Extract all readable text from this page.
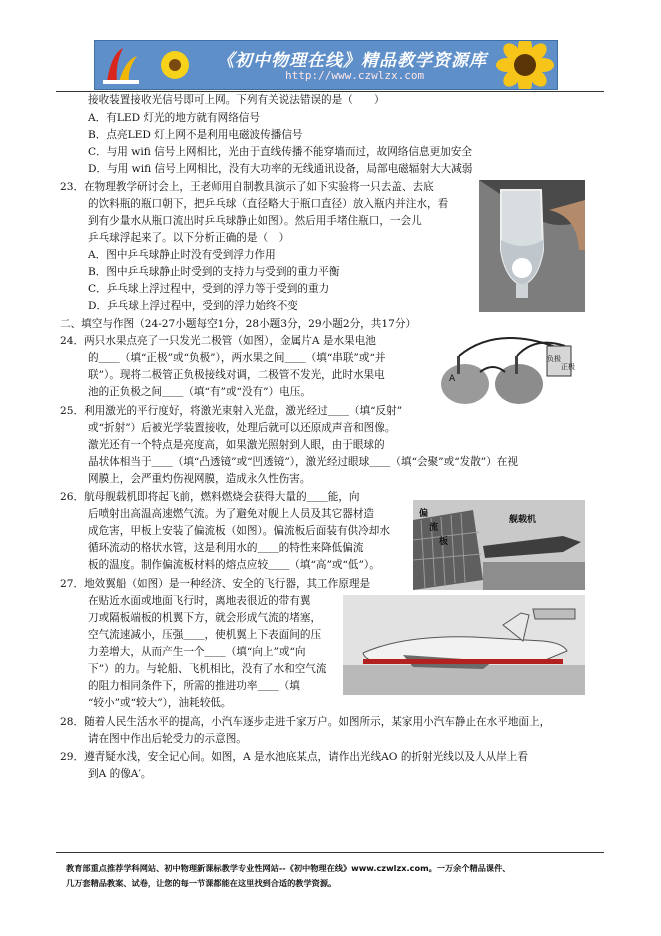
《初中物理在线》精品教学资源库
http://www.czwlzx.com
接收装置接收光信号即可上网。下列有关说法错误的是（　　）
A．有LED 灯光的地方就有网络信号
B．点亮LED 灯上网不是利用电磁波传播信号
C．与用 wifi 信号上网相比，光由于直线传播不能穿墙而过，故网络信息更加安全
D．与用 wifi 信号上网相比，没有大功率的无线通讯设备，局部电磁辐射大大减弱
23．在物理教学研讨会上，王老师用自制教具演示了如下实验将一只去盖、去底
的饮料瓶的瓶口朝下，把乒乓球（直径略大于瓶口直径）放入瓶内并注水，看
到有少量水从瓶口流出时乒乓球静止如图）。然后用手堵住瓶口，一会儿
乒乓球浮起来了。以下分析正确的是（　）
A．图中乒乓球静止时没有受到浮力作用
B．图中乒乓球静止时受到的支持力与受到的重力平衡
C．乒乓球上浮过程中，受到的浮力等于受到的重力
D．乒乓球上浮过程中，受到的浮力始终不变
二、填空与作图（24-27小题每空1分，28小题3分，29小题2分，共17分）
24．两只水果点亮了一只发光二极管（如图），金属片A 是水果电池
的＿＿（填“正极”或“负极”），两水果之间＿＿（填“串联”或“并
联”）。现将二极管正负极接线对调，二极管不发光，此时水果电
池的正负极之间＿＿（填“有”或“没有”）电压。
A
负极
正极
25．利用激光的平行度好，将激光束射入光盘，激光经过＿＿（填“反射”
或“折射”）后被光学装置接收，处理后就可以还原成声音和图像。
激光还有一个特点是亮度高，如果激光照射到人眼，由于眼球的
晶状体相当于＿＿（填“凸透镜”或“凹透镜”），激光经过眼球＿＿（填“会聚”或“发散”）在视
网膜上，会严重灼伤视网膜，造成永久性伤害。
26．航母舰载机即将起飞前，燃料燃烧会获得大量的＿＿能，向
后喷射出高温高速燃气流。为了避免对舰上人员及其它器材造
成危害，甲板上安装了偏流板（如图）。偏流板后面装有供冷却水
循环流动的格状水管，这是利用水的＿＿的特性来降低偏流
板的温度。制作偏流板材料的熔点应较＿＿（填“高”或“低”）。
偏
流
板
舰载机
27．地效翼船（如图）是一种经济、安全的飞行器，其工作原理是
在贴近水面或地面飞行时，离地表很近的带有翼
刀或隔板端板的机翼下方，就会形成气流的堵塞，
空气流速减小，压强＿＿，使机翼上下表面间的压
力差增大，从而产生一个＿＿（填“向上”或“向
下”）的力。与轮船、飞机相比，没有了水和空气流
的阻力相同条件下，所需的推进功率＿＿（填
“较小”或“较大”），油耗较低。
28．随着人民生活水平的提高，小汽车逐步走进千家万户。如图所示，某家用小汽车静止在水平地面上，
请在图中作出后轮受力的示意图。
29．遵青疑水浅，安全记心间。如图，A 是水池底某点，请作出光线AO 的折射光线以及人从岸上看
到A 的像A′。
教育部重点推荐学科网站、初中物理新课标教学专业性网站--《初中物理在线》www.czwlzx.com。一万余个精品课件、
几万套精品教案、试卷，让您的每一节课都能在这里找到合适的教学资源。
